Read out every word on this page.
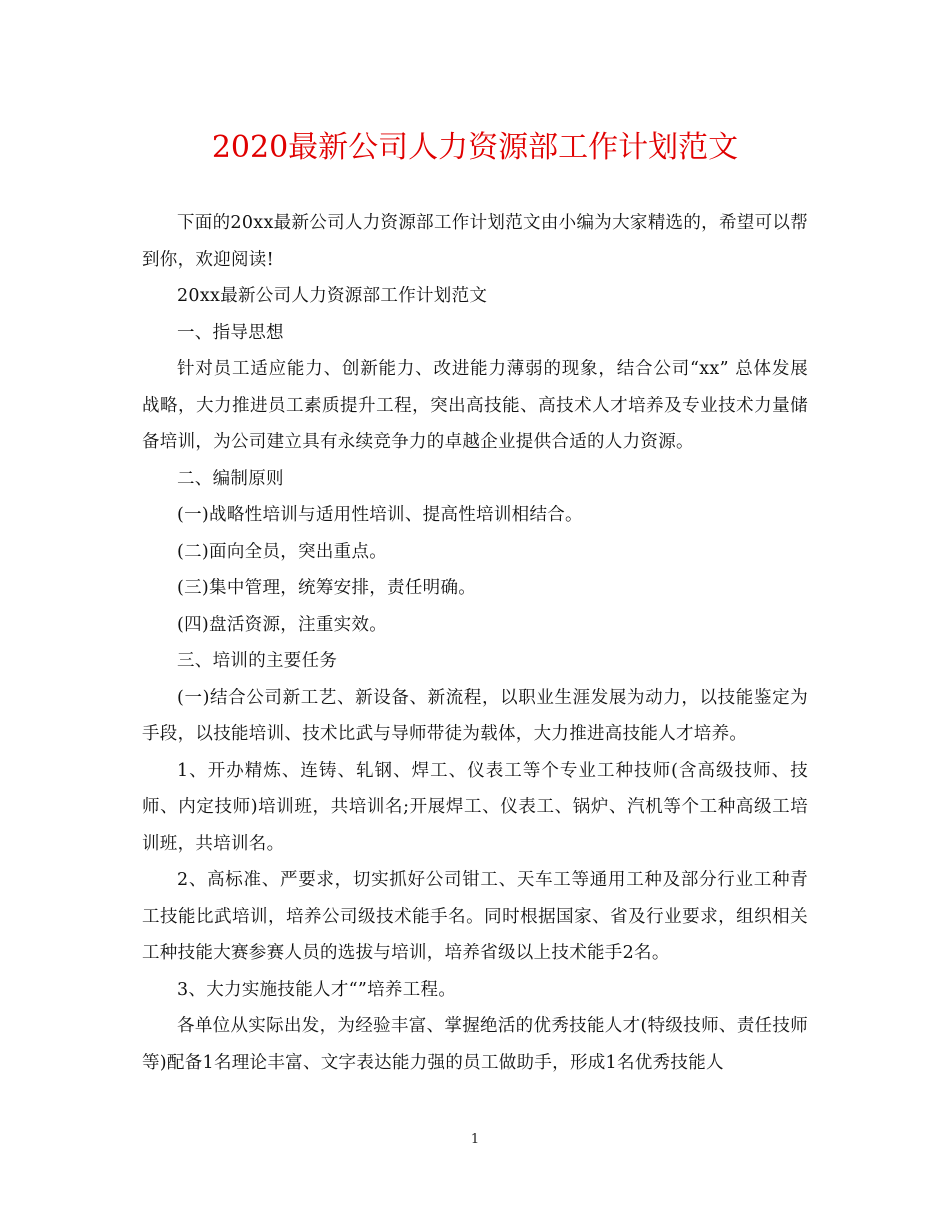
2020最新公司人力资源部工作计划范文

下面的20xx最新公司人力资源部工作计划范文由小编为大家精选的，希望可以帮到你，欢迎阅读!

20xx最新公司人力资源部工作计划范文

一、指导思想

针对员工适应能力、创新能力、改进能力薄弱的现象，结合公司“xx” 总体发展战略，大力推进员工素质提升工程，突出高技能、高技术人才培养及专业技术力量储备培训，为公司建立具有永续竞争力的卓越企业提供合适的人力资源。

二、编制原则

(一)战略性培训与适用性培训、提高性培训相结合。

(二)面向全员，突出重点。

(三)集中管理，统筹安排，责任明确。

(四)盘活资源，注重实效。

三、培训的主要任务

(一)结合公司新工艺、新设备、新流程，以职业生涯发展为动力，以技能鉴定为手段，以技能培训、技术比武与导师带徒为载体，大力推进高技能人才培养。

1、开办精炼、连铸、轧钢、焊工、仪表工等个专业工种技师(含高级技师、技师、内定技师)培训班，共培训名;开展焊工、仪表工、锅炉、汽机等个工种高级工培训班，共培训名。

2、高标准、严要求，切实抓好公司钳工、天车工等通用工种及部分行业工种青工技能比武培训，培养公司级技术能手名。同时根据国家、省及行业要求，组织相关工种技能大赛参赛人员的选拔与培训，培养省级以上技术能手2名。

3、大力实施技能人才“”培养工程。

各单位从实际出发，为经验丰富、掌握绝活的优秀技能人才(特级技师、责任技师等)配备1名理论丰富、文字表达能力强的员工做助手，形成1名优秀技能人

1
